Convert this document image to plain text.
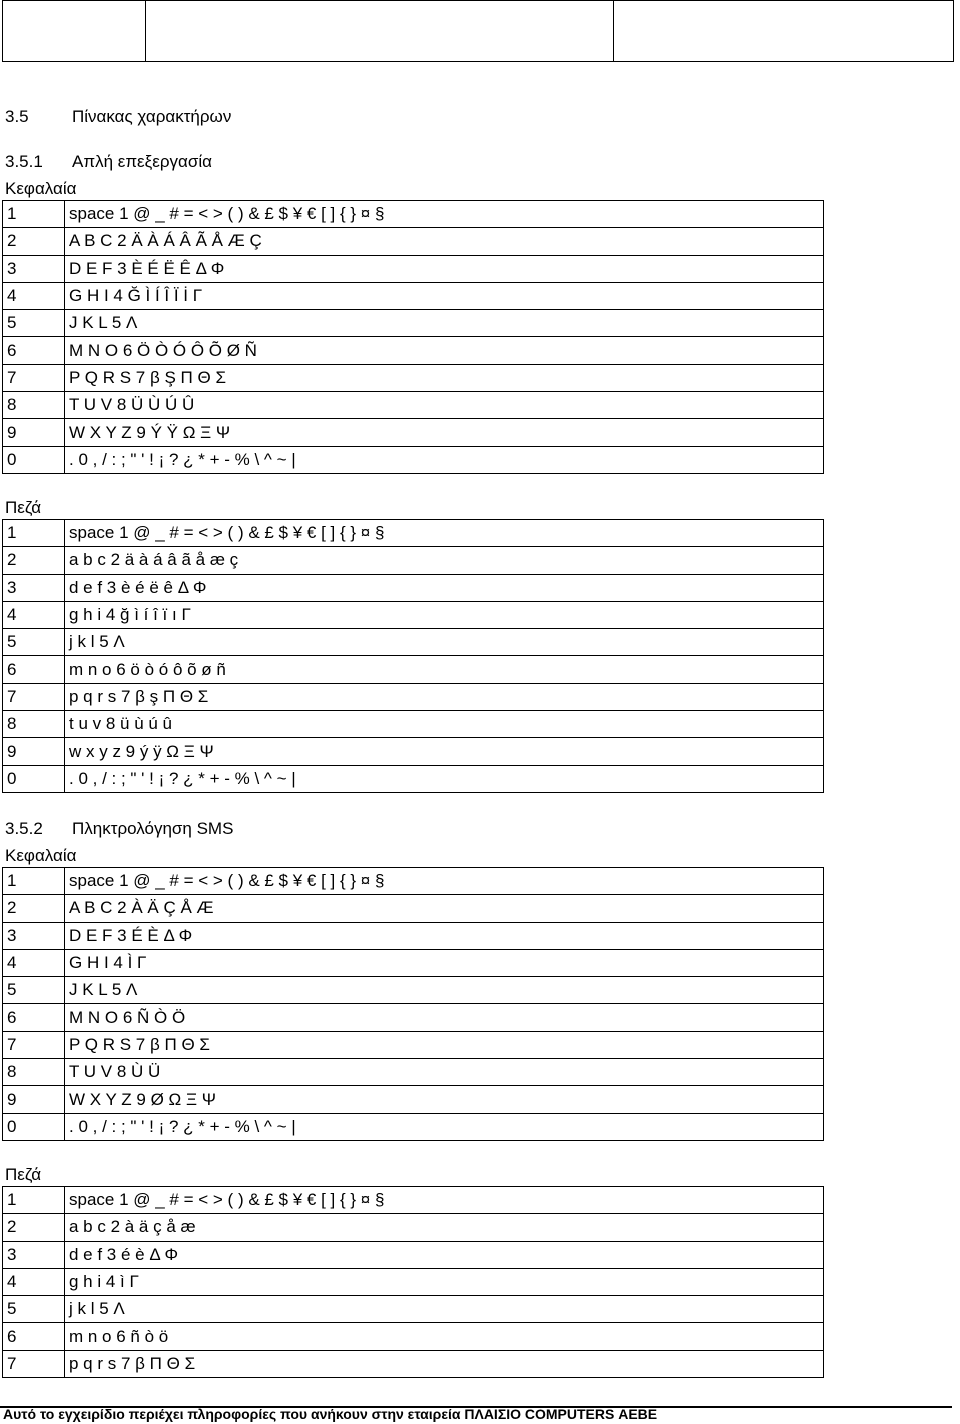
3.5	Πίνακας χαρακτήρων
3.5.1 Απλή επεξεργασία
Κεφαλαία
1	space 1 @ _ # = < > ( ) & £ $ ¥ € [ ] { } ¤ §
2	A B C 2 Ä À Á Â Ã Å Æ Ç
3	D E F 3 È É Ë Ê Δ Φ
4	G H I 4 Ğ Ì Í Î Ï İ Γ
5	J K L 5 Λ
6	M N O 6 Ö Ò Ó Ô Õ Ø Ñ
7	P Q R S 7 β Ş Π Θ Σ
8	T U V 8 Ü Ù Ú Û
9	W X Y Z 9 Ý Ÿ Ω Ξ Ψ
0	. 0 , / : ; " ' ! ¡ ? ¿ * + - % \ ^ ~ |
Πεζά
1	space 1 @ _ # = < > ( ) & £ $ ¥ € [ ] { } ¤ §
2	a b c 2 ä à á â ã å æ ç
3	d e f 3 è é ë ê Δ Φ
4	g h i 4 ğ ì í î ï ı Γ
5	j k l 5 Λ
6	m n o 6 ö ò ó ô õ ø ñ
7	p q r s 7 β ş Π Θ Σ
8	t u v 8 ü ù ú û
9	w x y z 9 ý ÿ Ω Ξ Ψ
0	. 0 , / : ; " ' ! ¡ ? ¿ * + - % \ ^ ~ |
3.5.2 Πληκτρολόγηση SMS
Κεφαλαία
1	space 1 @ _ # = < > ( ) & £ $ ¥ € [ ] { } ¤ §
2	A B C 2 À Ä Ç Å Æ
3	D E F 3 É È Δ Φ
4	G H I 4 Ì Γ
5	J K L 5 Λ
6	M N O 6 Ñ Ò Ö
7	P Q R S 7 β Π Θ Σ
8	T U V 8 Ù Ü
9	W X Y Z 9 Ø Ω Ξ Ψ
0	. 0 , / : ; " ' ! ¡ ? ¿ * + - % \ ^ ~ |
Πεζά
1	space 1 @ _ # = < > ( ) & £ $ ¥ € [ ] { } ¤ §
2	a b c 2 à ä ç å æ
3	d e f 3 é è Δ Φ
4	g h i 4 ì Γ
5	j k l 5 Λ
6	m n o 6 ñ ò ö
7	p q r s 7 β Π Θ Σ
Αυτό το εγχειρίδιο περιέχει πληροφορίες που ανήκουν στην εταιρεία ΠΛΑΙΣΙΟ COMPUTERS ΑΕΒΕ
